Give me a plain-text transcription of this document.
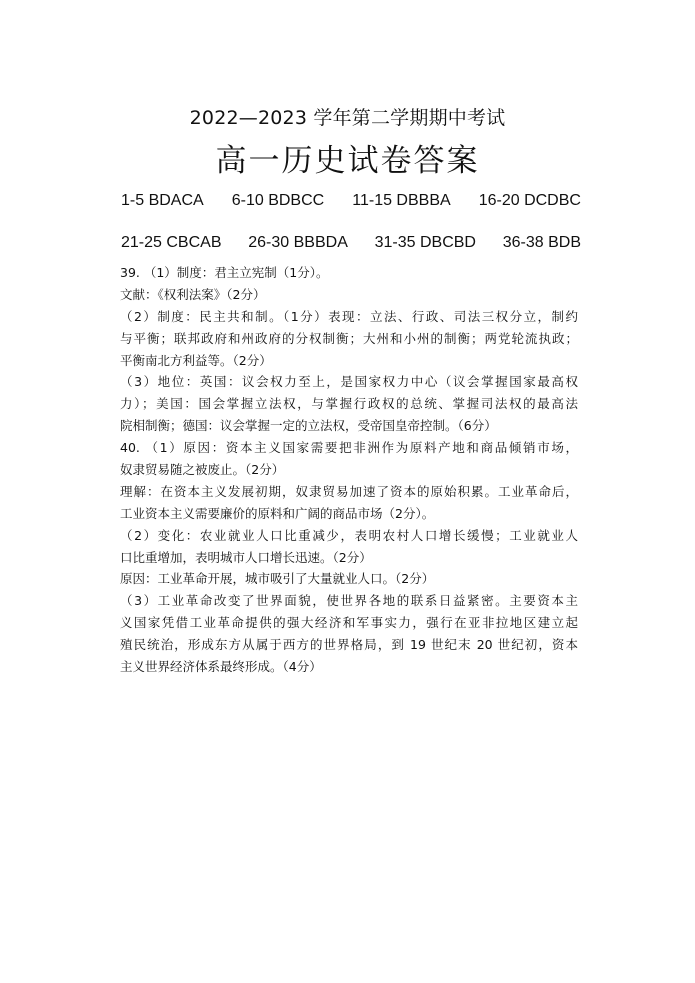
2022—2023 学年第二学期期中考试
高一历史试卷答案
1-5 BDACA 6-10 BDBCC 11-15 DBBBA 16-20 DCDBC
21-25 CBCAB 26-30 BBBDA 31-35 DBCBD 36-38 BDB
39. （1）制度：君主立宪制（1分）。
文献：《权利法案》（2分）
（2）制度：民主共和制。（1分）表现：立法、行政、司法三权分立，制约
与平衡；联邦政府和州政府的分权制衡；大州和小州的制衡；两党轮流执政；
平衡南北方利益等。（2分）
（3）地位：英国：议会权力至上，是国家权力中心（议会掌握国家最高权
力）；美国：国会掌握立法权，与掌握行政权的总统、掌握司法权的最高法
院相制衡；德国：议会掌握一定的立法权，受帝国皇帝控制。（6分）
40. （1）原因：资本主义国家需要把非洲作为原料产地和商品倾销市场，
奴隶贸易随之被废止。（2分）
理解：在资本主义发展初期，奴隶贸易加速了资本的原始积累。工业革命后，
工业资本主义需要廉价的原料和广阔的商品市场（2分）。
（2）变化：农业就业人口比重减少，表明农村人口增长缓慢；工业就业人
口比重增加，表明城市人口增长迅速。（2分）
原因：工业革命开展，城市吸引了大量就业人口。（2分）
（3）工业革命改变了世界面貌，使世界各地的联系日益紧密。主要资本主
义国家凭借工业革命提供的强大经济和军事实力，强行在亚非拉地区建立起
殖民统治，形成东方从属于西方的世界格局，到 19 世纪末 20 世纪初，资本
主义世界经济体系最终形成。（4分）
